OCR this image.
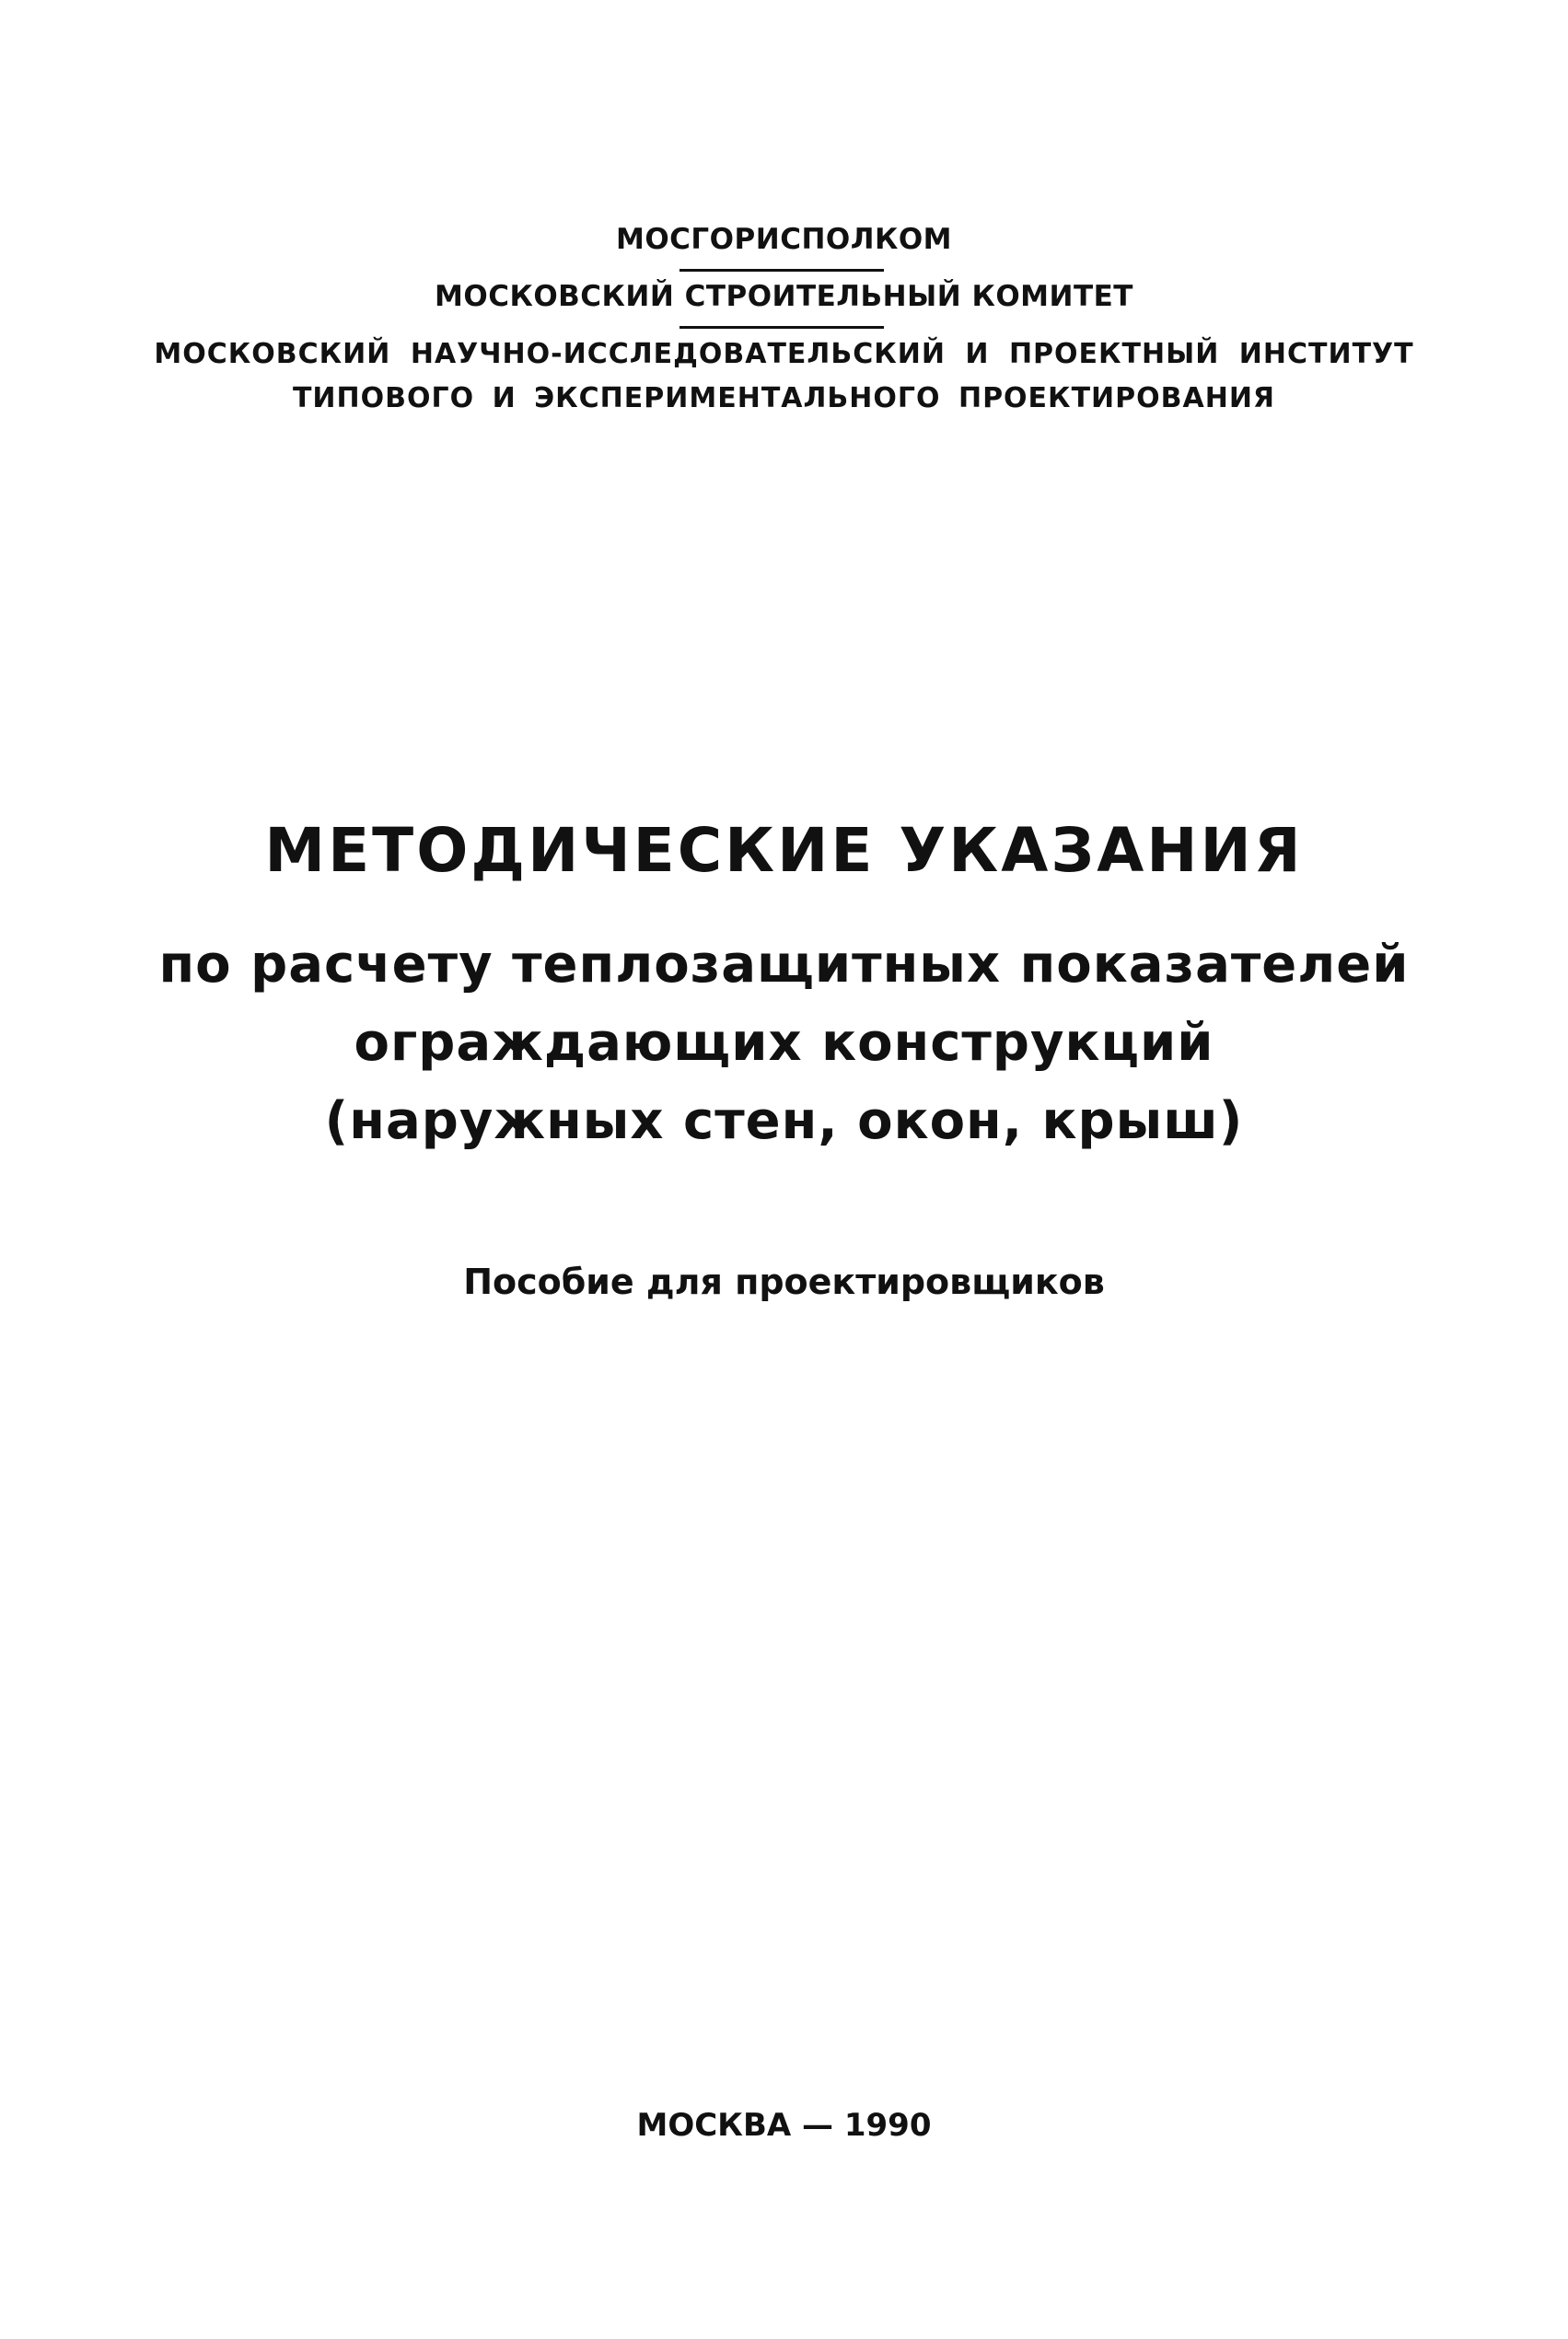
МОСГОРИСПОЛКОМ
МОСКОВСКИЙ СТРОИТЕЛЬНЫЙ КОМИТЕТ
МОСКОВСКИЙ НАУЧНО-ИССЛЕДОВАТЕЛЬСКИЙ И ПРОЕКТНЫЙ ИНСТИТУТ
ТИПОВОГО И ЭКСПЕРИМЕНТАЛЬНОГО ПРОЕКТИРОВАНИЯ
МЕТОДИЧЕСКИЕ УКАЗАНИЯ
по расчету теплозащитных показателей
ограждающих конструкций
(наружных стен, окон, крыш)
Пособие для проектировщиков
МОСКВА — 1990
